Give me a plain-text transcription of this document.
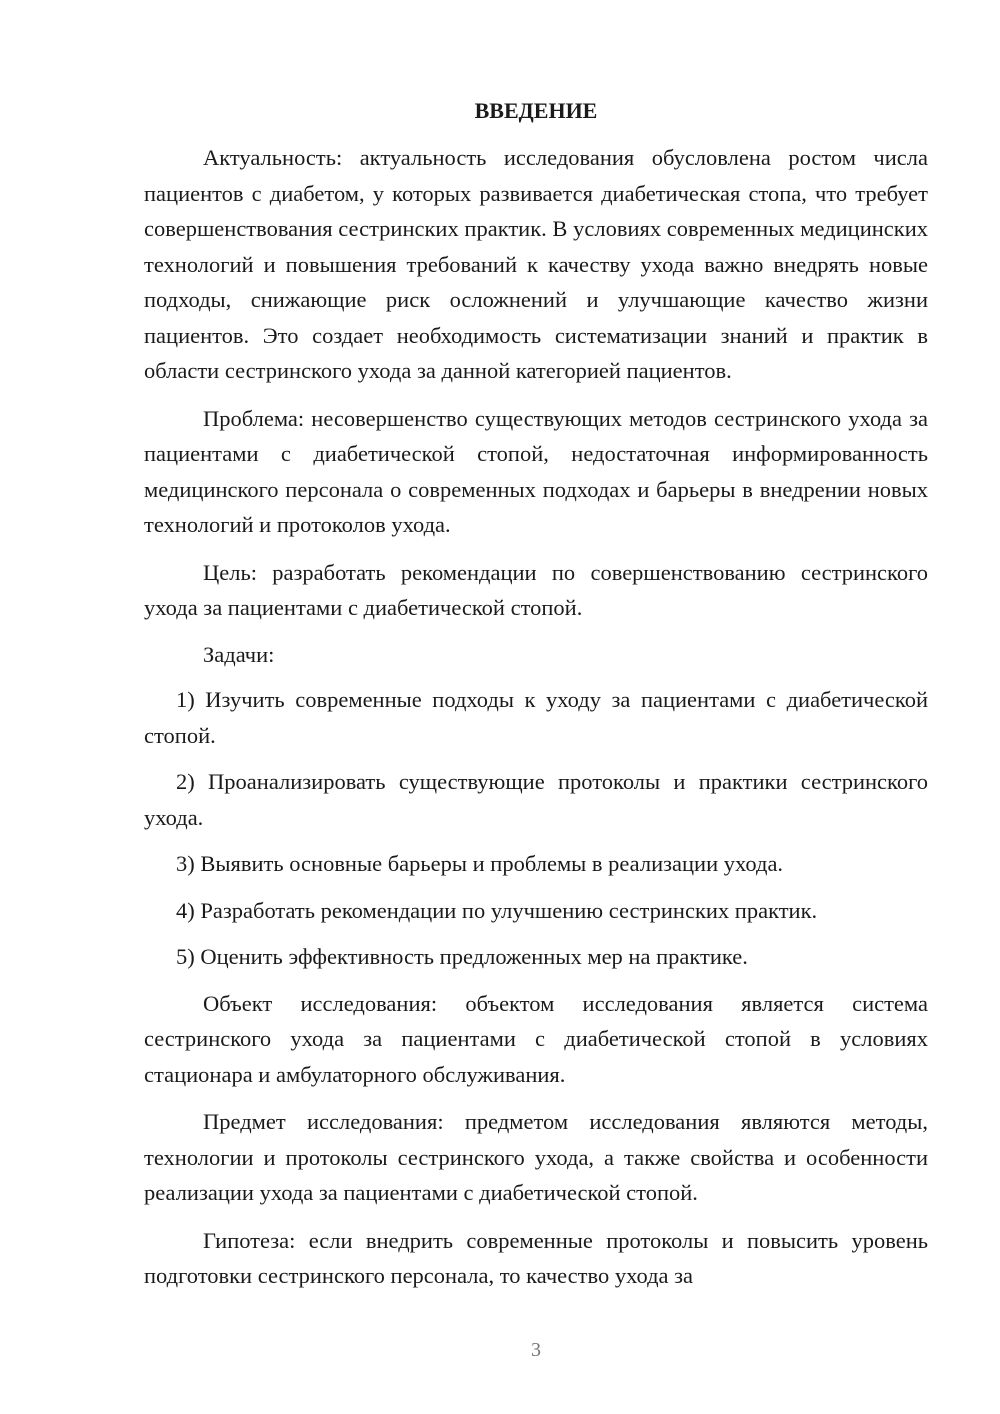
ВВЕДЕНИЕ

Актуальность: актуальность исследования обусловлена ростом числа пациентов с диабетом, у которых развивается диабетическая стопа, что требует совершенствования сестринских практик. В условиях современных медицинских технологий и повышения требований к качеству ухода важно внедрять новые подходы, снижающие риск осложнений и улучшающие качество жизни пациентов. Это создает необходимость систематизации знаний и практик в области сестринского ухода за данной категорией пациентов.

Проблема: несовершенство существующих методов сестринского ухода за пациентами с диабетической стопой, недостаточная информированность медицинского персонала о современных подходах и барьеры в внедрении новых технологий и протоколов ухода.

Цель: разработать рекомендации по совершенствованию сестринского ухода за пациентами с диабетической стопой.

Задачи:

1) Изучить современные подходы к уходу за пациентами с диабетической стопой.

2) Проанализировать существующие протоколы и практики сестринского ухода.

3) Выявить основные барьеры и проблемы в реализации ухода.

4) Разработать рекомендации по улучшению сестринских практик.

5) Оценить эффективность предложенных мер на практике.

Объект исследования: объектом исследования является система сестринского ухода за пациентами с диабетической стопой в условиях стационара и амбулаторного обслуживания.

Предмет исследования: предметом исследования являются методы, технологии и протоколы сестринского ухода, а также свойства и особенности реализации ухода за пациентами с диабетической стопой.

Гипотеза: если внедрить современные протоколы и повысить уровень подготовки сестринского персонала, то качество ухода за

3
